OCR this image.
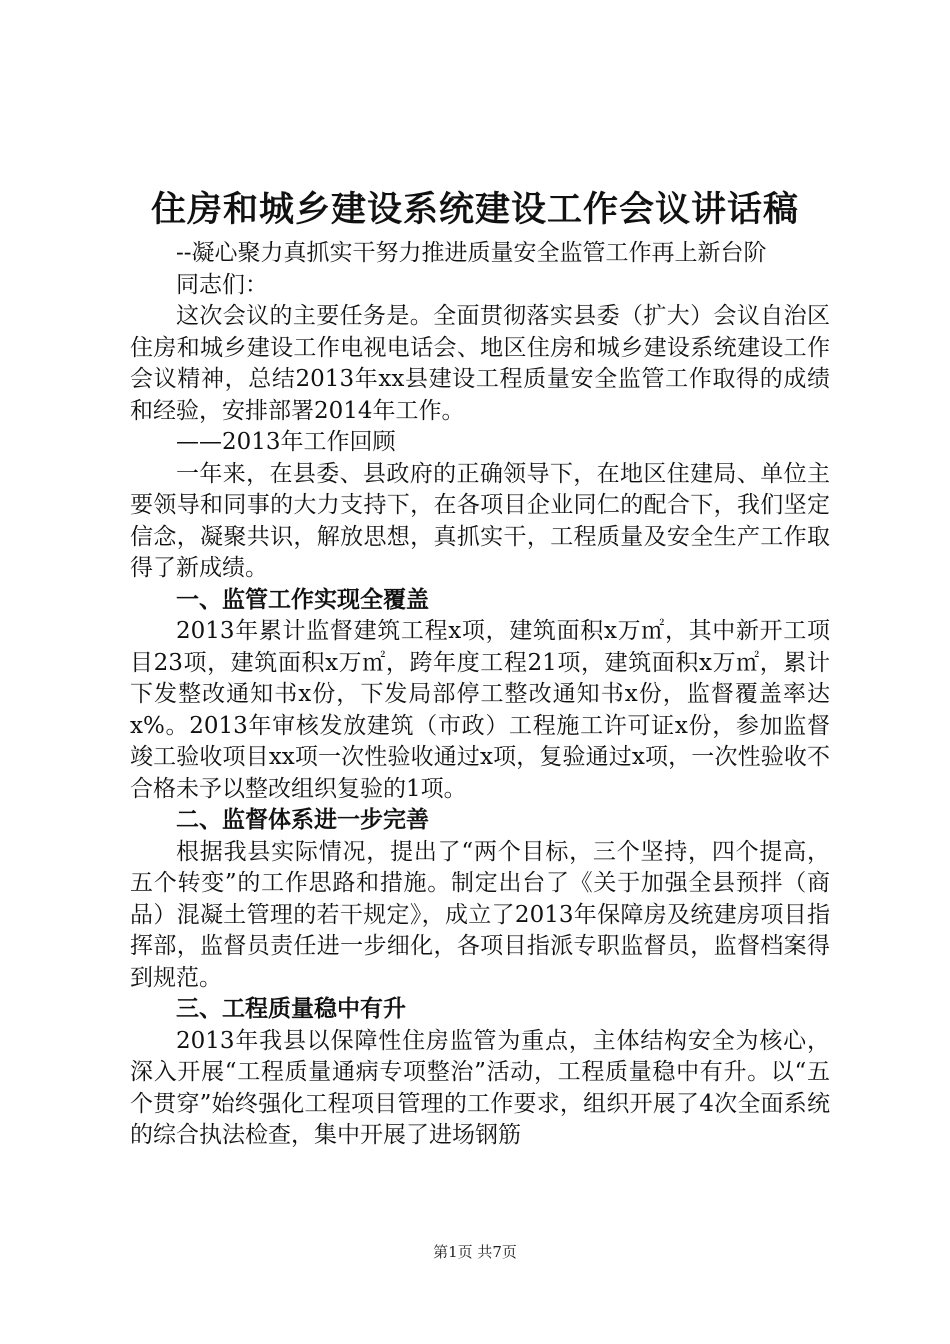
住房和城乡建设系统建设工作会议讲话稿

--凝心聚力真抓实干努力推进质量安全监管工作再上新台阶

同志们：

这次会议的主要任务是。全面贯彻落实县委（扩大）会议自治区住房和城乡建设工作电视电话会、地区住房和城乡建设系统建设工作会议精神，总结2013年xx县建设工程质量安全监管工作取得的成绩和经验，安排部署2014年工作。

——2013年工作回顾

一年来，在县委、县政府的正确领导下，在地区住建局、单位主要领导和同事的大力支持下，在各项目企业同仁的配合下，我们坚定信念，凝聚共识，解放思想，真抓实干，工程质量及安全生产工作取得了新成绩。

一、监管工作实现全覆盖

2013年累计监督建筑工程x项，建筑面积x万㎡，其中新开工项目23项，建筑面积x万㎡，跨年度工程21项，建筑面积x万㎡，累计下发整改通知书x份，下发局部停工整改通知书x份，监督覆盖率达x%。2013年审核发放建筑（市政）工程施工许可证x份，参加监督竣工验收项目xx项一次性验收通过x项，复验通过x项，一次性验收不合格未予以整改组织复验的1项。

二、监督体系进一步完善

根据我县实际情况，提出了“两个目标，三个坚持，四个提高，五个转变”的工作思路和措施。制定出台了《关于加强全县预拌（商品）混凝土管理的若干规定》，成立了2013年保障房及统建房项目指挥部，监督员责任进一步细化，各项目指派专职监督员，监督档案得到规范。

三、工程质量稳中有升

2013年我县以保障性住房监管为重点，主体结构安全为核心，深入开展“工程质量通病专项整治”活动，工程质量稳中有升。以“五个贯穿”始终强化工程项目管理的工作要求，组织开展了4次全面系统的综合执法检查，集中开展了进场钢筋

第1页 共7页
